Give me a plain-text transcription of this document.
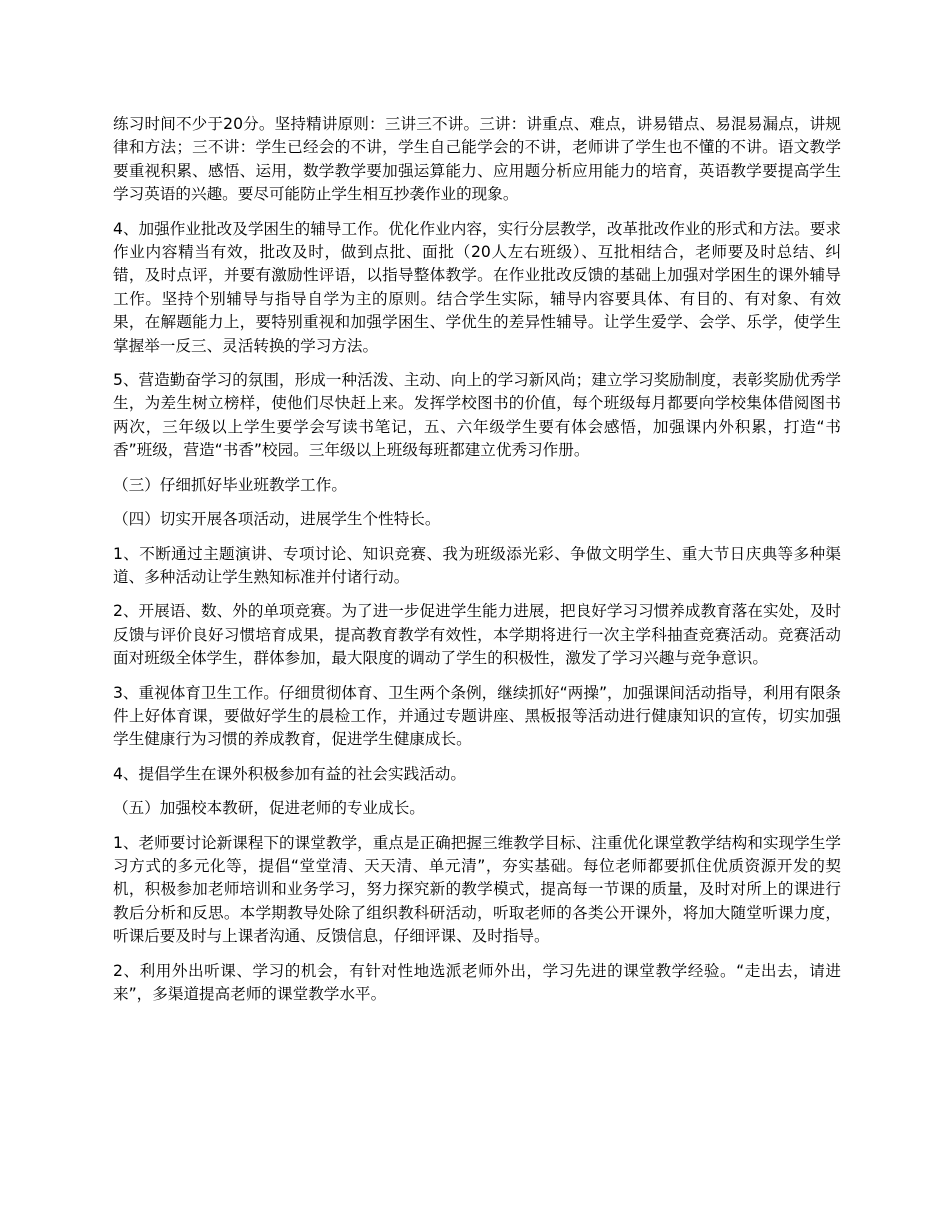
练习时间不少于20分。坚持精讲原则：三讲三不讲。三讲：讲重点、难点，讲易错点、易混易漏点，讲规律和方法；三不讲：学生已经会的不讲，学生自己能学会的不讲，老师讲了学生也不懂的不讲。语文教学要重视积累、感悟、运用，数学教学要加强运算能力、应用题分析应用能力的培育，英语教学要提高学生学习英语的兴趣。要尽可能防止学生相互抄袭作业的现象。

4、加强作业批改及学困生的辅导工作。优化作业内容，实行分层教学，改革批改作业的形式和方法。要求作业内容精当有效，批改及时，做到点批、面批（20人左右班级）、互批相结合，老师要及时总结、纠错，及时点评，并要有激励性评语，以指导整体教学。在作业批改反馈的基础上加强对学困生的课外辅导工作。坚持个别辅导与指导自学为主的原则。结合学生实际，辅导内容要具体、有目的、有对象、有效果，在解题能力上，要特别重视和加强学困生、学优生的差异性辅导。让学生爱学、会学、乐学，使学生掌握举一反三、灵活转换的学习方法。

5、营造勤奋学习的氛围，形成一种活泼、主动、向上的学习新风尚；建立学习奖励制度，表彰奖励优秀学生，为差生树立榜样，使他们尽快赶上来。发挥学校图书的价值，每个班级每月都要向学校集体借阅图书两次，三年级以上学生要学会写读书笔记，五、六年级学生要有体会感悟，加强课内外积累，打造“书香”班级，营造“书香”校园。三年级以上班级每班都建立优秀习作册。

（三）仔细抓好毕业班教学工作。

（四）切实开展各项活动，进展学生个性特长。

1、不断通过主题演讲、专项讨论、知识竞赛、我为班级添光彩、争做文明学生、重大节日庆典等多种渠道、多种活动让学生熟知标准并付诸行动。

2、开展语、数、外的单项竞赛。为了进一步促进学生能力进展，把良好学习习惯养成教育落在实处，及时反馈与评价良好习惯培育成果，提高教育教学有效性，本学期将进行一次主学科抽查竞赛活动。竞赛活动面对班级全体学生，群体参加，最大限度的调动了学生的积极性，激发了学习兴趣与竞争意识。

3、重视体育卫生工作。仔细贯彻体育、卫生两个条例，继续抓好“两操”，加强课间活动指导，利用有限条件上好体育课，要做好学生的晨检工作，并通过专题讲座、黑板报等活动进行健康知识的宣传，切实加强学生健康行为习惯的养成教育，促进学生健康成长。

4、提倡学生在课外积极参加有益的社会实践活动。

（五）加强校本教研，促进老师的专业成长。

1、老师要讨论新课程下的课堂教学，重点是正确把握三维教学目标、注重优化课堂教学结构和实现学生学习方式的多元化等，提倡“堂堂清、天天清、单元清”，夯实基础。每位老师都要抓住优质资源开发的契机，积极参加老师培训和业务学习，努力探究新的教学模式，提高每一节课的质量，及时对所上的课进行教后分析和反思。本学期教导处除了组织教科研活动，听取老师的各类公开课外，将加大随堂听课力度，听课后要及时与上课者沟通、反馈信息，仔细评课、及时指导。

2、利用外出听课、学习的机会，有针对性地选派老师外出，学习先进的课堂教学经验。“走出去，请进来”，多渠道提高老师的课堂教学水平。
